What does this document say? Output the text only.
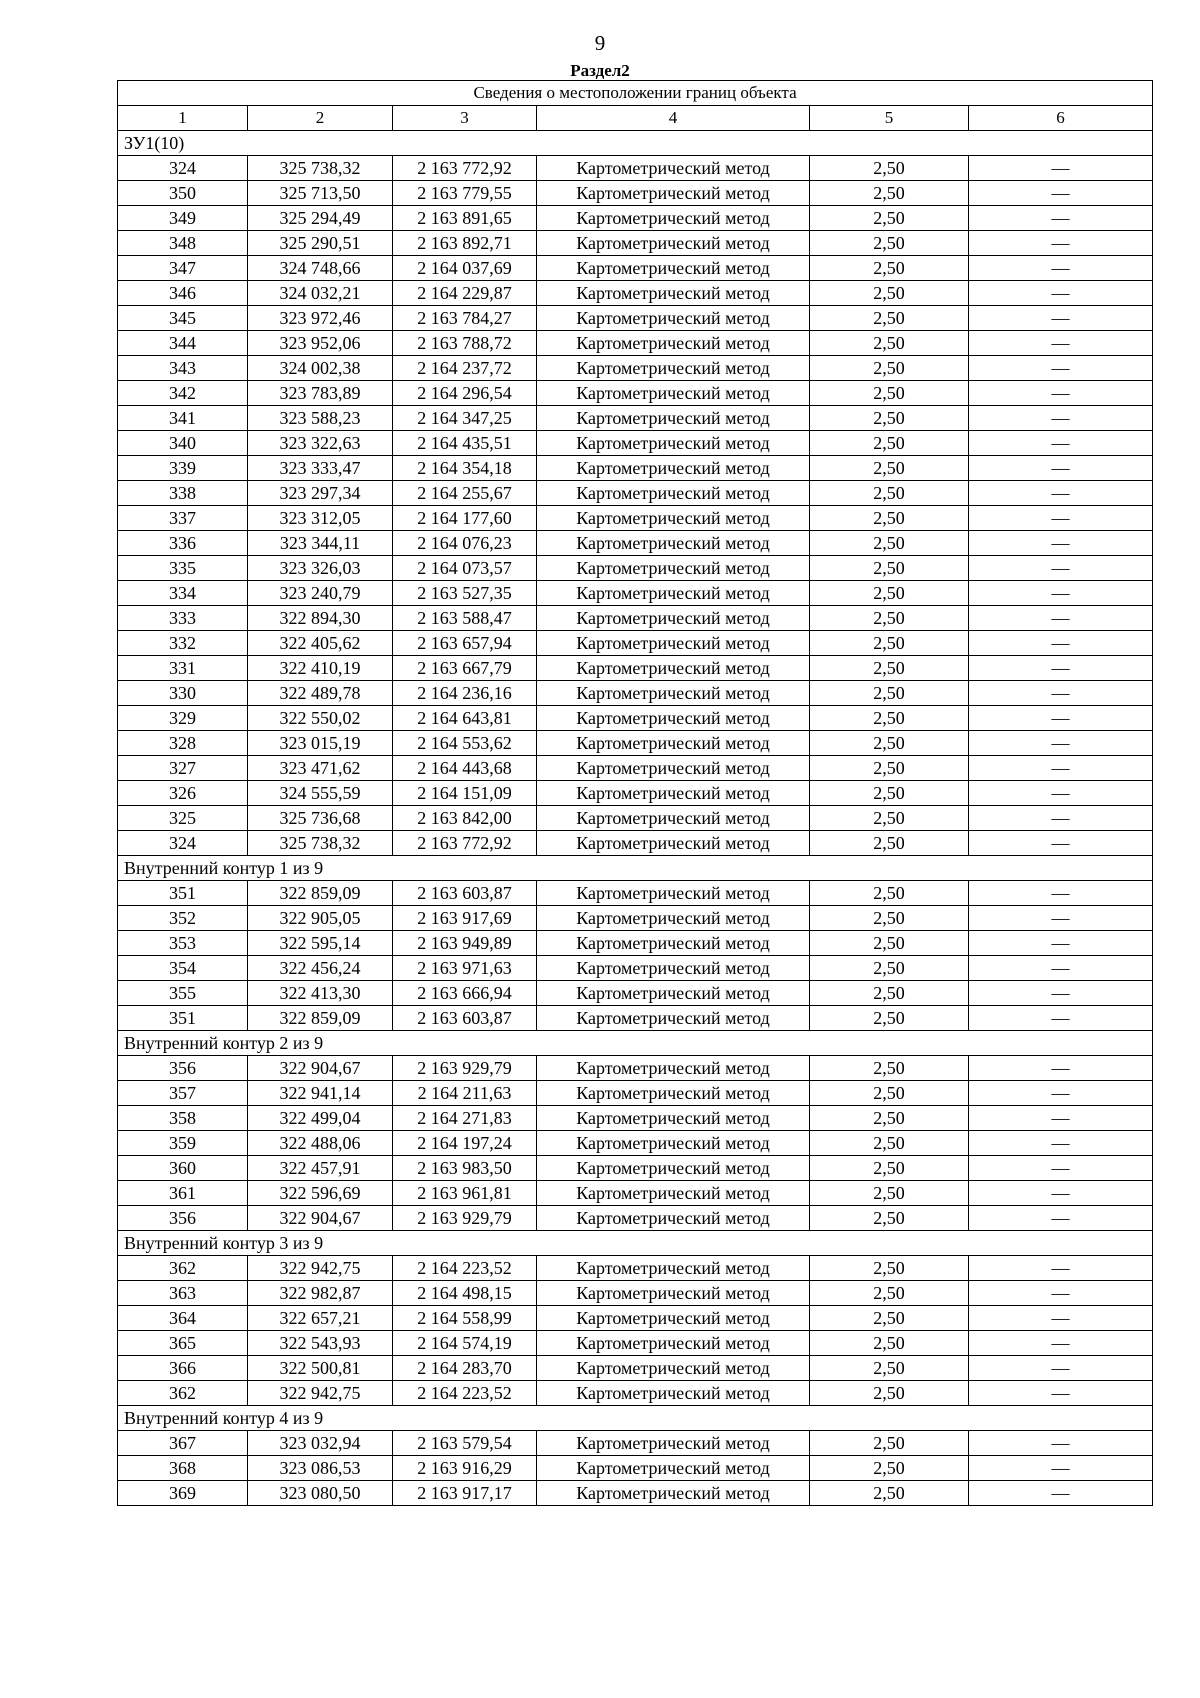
9
Раздел2
Сведения о местоположении границ объекта					
1	2	3	4	5	6
ЗУ1(10)					
324	325 738,32	2 163 772,92	Картометрический метод	2,50	—
350	325 713,50	2 163 779,55	Картометрический метод	2,50	—
349	325 294,49	2 163 891,65	Картометрический метод	2,50	—
348	325 290,51	2 163 892,71	Картометрический метод	2,50	—
347	324 748,66	2 164 037,69	Картометрический метод	2,50	—
346	324 032,21	2 164 229,87	Картометрический метод	2,50	—
345	323 972,46	2 163 784,27	Картометрический метод	2,50	—
344	323 952,06	2 163 788,72	Картометрический метод	2,50	—
343	324 002,38	2 164 237,72	Картометрический метод	2,50	—
342	323 783,89	2 164 296,54	Картометрический метод	2,50	—
341	323 588,23	2 164 347,25	Картометрический метод	2,50	—
340	323 322,63	2 164 435,51	Картометрический метод	2,50	—
339	323 333,47	2 164 354,18	Картометрический метод	2,50	—
338	323 297,34	2 164 255,67	Картометрический метод	2,50	—
337	323 312,05	2 164 177,60	Картометрический метод	2,50	—
336	323 344,11	2 164 076,23	Картометрический метод	2,50	—
335	323 326,03	2 164 073,57	Картометрический метод	2,50	—
334	323 240,79	2 163 527,35	Картометрический метод	2,50	—
333	322 894,30	2 163 588,47	Картометрический метод	2,50	—
332	322 405,62	2 163 657,94	Картометрический метод	2,50	—
331	322 410,19	2 163 667,79	Картометрический метод	2,50	—
330	322 489,78	2 164 236,16	Картометрический метод	2,50	—
329	322 550,02	2 164 643,81	Картометрический метод	2,50	—
328	323 015,19	2 164 553,62	Картометрический метод	2,50	—
327	323 471,62	2 164 443,68	Картометрический метод	2,50	—
326	324 555,59	2 164 151,09	Картометрический метод	2,50	—
325	325 736,68	2 163 842,00	Картометрический метод	2,50	—
324	325 738,32	2 163 772,92	Картометрический метод	2,50	—
Внутренний контур 1 из 9					
351	322 859,09	2 163 603,87	Картометрический метод	2,50	—
352	322 905,05	2 163 917,69	Картометрический метод	2,50	—
353	322 595,14	2 163 949,89	Картометрический метод	2,50	—
354	322 456,24	2 163 971,63	Картометрический метод	2,50	—
355	322 413,30	2 163 666,94	Картометрический метод	2,50	—
351	322 859,09	2 163 603,87	Картометрический метод	2,50	—
Внутренний контур 2 из 9					
356	322 904,67	2 163 929,79	Картометрический метод	2,50	—
357	322 941,14	2 164 211,63	Картометрический метод	2,50	—
358	322 499,04	2 164 271,83	Картометрический метод	2,50	—
359	322 488,06	2 164 197,24	Картометрический метод	2,50	—
360	322 457,91	2 163 983,50	Картометрический метод	2,50	—
361	322 596,69	2 163 961,81	Картометрический метод	2,50	—
356	322 904,67	2 163 929,79	Картометрический метод	2,50	—
Внутренний контур 3 из 9					
362	322 942,75	2 164 223,52	Картометрический метод	2,50	—
363	322 982,87	2 164 498,15	Картометрический метод	2,50	—
364	322 657,21	2 164 558,99	Картометрический метод	2,50	—
365	322 543,93	2 164 574,19	Картометрический метод	2,50	—
366	322 500,81	2 164 283,70	Картометрический метод	2,50	—
362	322 942,75	2 164 223,52	Картометрический метод	2,50	—
Внутренний контур 4 из 9					
367	323 032,94	2 163 579,54	Картометрический метод	2,50	—
368	323 086,53	2 163 916,29	Картометрический метод	2,50	—
369	323 080,50	2 163 917,17	Картометрический метод	2,50	—
